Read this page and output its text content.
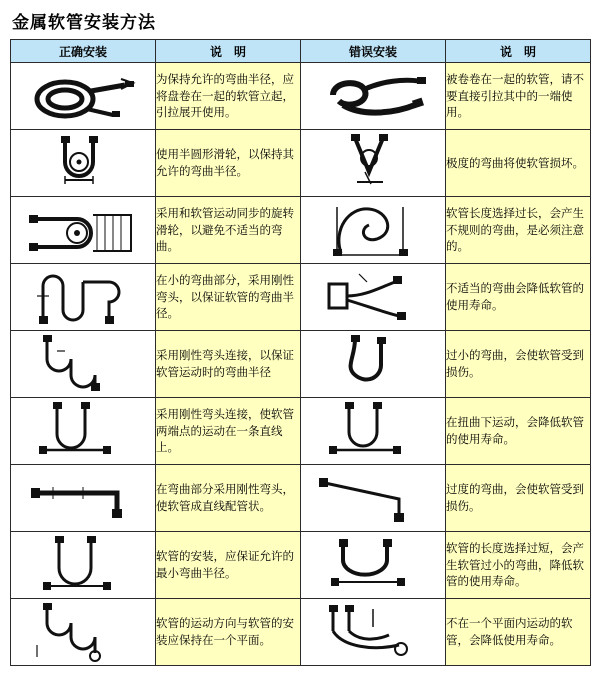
金属软管安装方法
正确安装	说　明	错误安装	说　明

	为保持允许的弯曲半径，应将盘卷在一起的软管立起，引拉展开使用。		被卷卷在一起的软管，请不要直接引拉其中的一端使用。

	使用半圆形滑轮，以保持其允许的弯曲半径。		极度的弯曲将使软管损坏。

	采用和软管运动同步的旋转滑轮，以避免不适当的弯曲。		软管长度选择过长，会产生不规则的弯曲，是必须注意的。

	在小的弯曲部分，采用刚性弯头，以保证软管的弯曲半径。		不适当的弯曲会降低软管的使用寿命。

	采用刚性弯头连接，以保证软管运动时的弯曲半径		过小的弯曲，会使软管受到损伤。

	采用刚性弯头连接，使软管两端点的运动在一条直线上。		在扭曲下运动，会降低软管的使用寿命。

	在弯曲部分采用刚性弯头，使软管成直线配管状。		过度的弯曲，会使软管受到损伤。

	软管的安装，应保证允许的最小弯曲半径。		软管的长度选择过短，会产生软管过小的弯曲，降低软管的使用寿命。

	软管的运动方向与软管的安装应保持在一个平面。		不在一个平面内运动的软管，会降低使用寿命。
